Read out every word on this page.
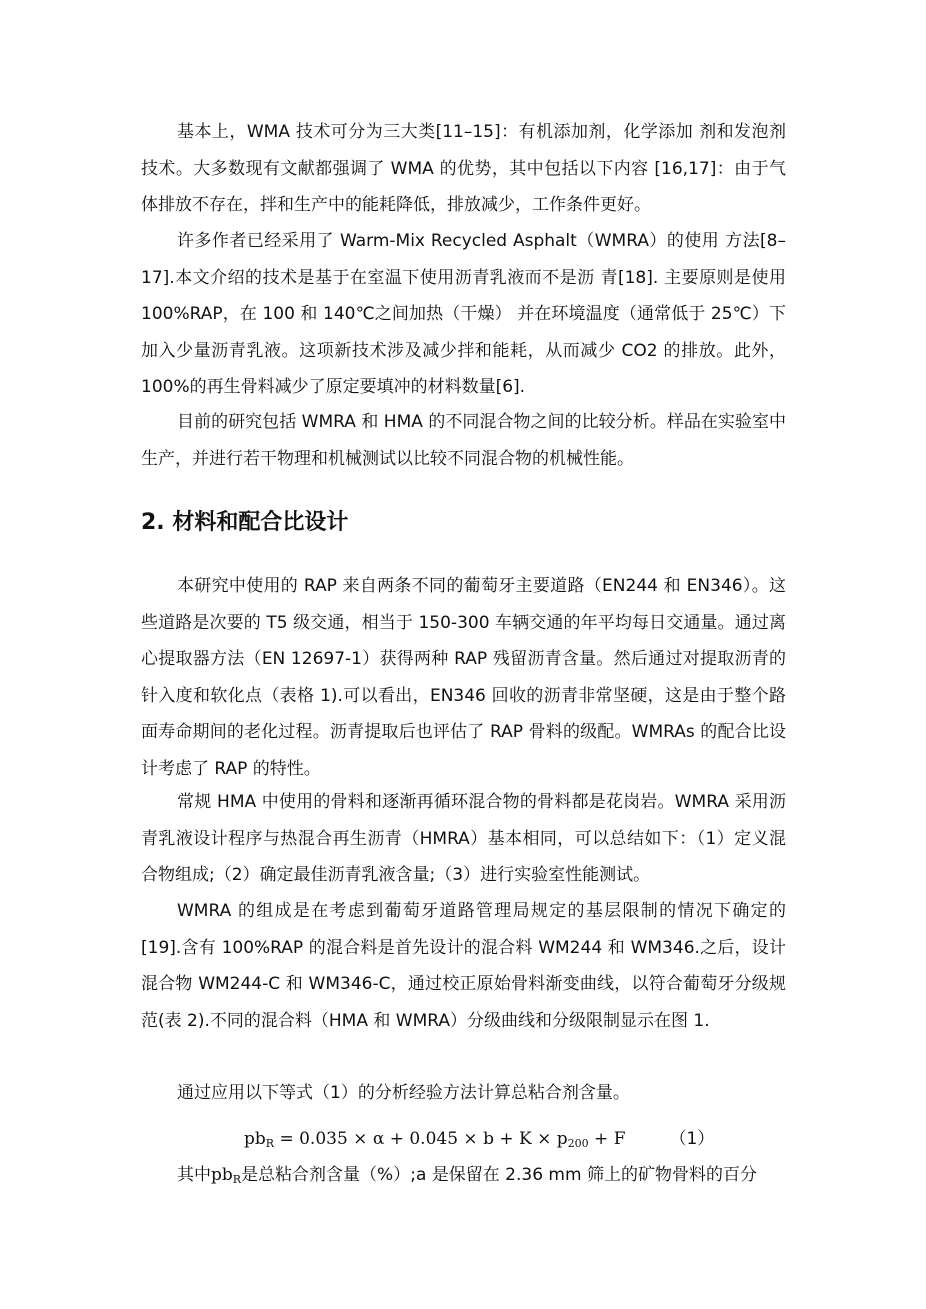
基本上，WMA 技术可分为三大类[11–15]：有机添加剂，化学添加 剂和发泡剂技术。大多数现有文献都强调了 WMA 的优势，其中包括以下内容 [16,17]：由于气体排放不存在，拌和生产中的能耗降低，排放减少，工作条件更好。

许多作者已经采用了 Warm-Mix Recycled Asphalt（WMRA）的使用 方法[8–17].本文介绍的技术是基于在室温下使用沥青乳液而不是沥 青[18]. 主要原则是使用 100%RAP，在 100 和 140℃之间加热（干燥） 并在环境温度（通常低于 25℃）下加入少量沥青乳液。这项新技术涉及减少拌和能耗，从而减少 CO2 的排放。此外，100%的再生骨料减少了原定要填冲的材料数量[6].

目前的研究包括 WMRA 和 HMA 的不同混合物之间的比较分析。样品在实验室中生产，并进行若干物理和机械测试以比较不同混合物的机械性能。

2. 材料和配合比设计

本研究中使用的 RAP 来自两条不同的葡萄牙主要道路（EN244 和 EN346）。这些道路是次要的 T5 级交通，相当于 150-300 车辆交通的年平均每日交通量。通过离心提取器方法（EN 12697-1）获得两种 RAP 残留沥青含量。然后通过对提取沥青的针入度和软化点（表格 1).可以看出，EN346 回收的沥青非常坚硬，这是由于整个路面寿命期间的老化过程。沥青提取后也评估了 RAP 骨料的级配。WMRAs 的配合比设计考虑了 RAP 的特性。

常规 HMA 中使用的骨料和逐渐再循环混合物的骨料都是花岗岩。WMRA 采用沥青乳液设计程序与热混合再生沥青（HMRA）基本相同，可以总结如下：（1）定义混合物组成;（2）确定最佳沥青乳液含量;（3）进行实验室性能测试。

WMRA 的组成是在考虑到葡萄牙道路管理局规定的基层限制的情况下确定的[19].含有 100%RAP 的混合料是首先设计的混合料 WM244 和 WM346.之后，设计混合物 WM244-C 和 WM346-C，通过校正原始骨料渐变曲线，以符合葡萄牙分级规范(表 2).不同的混合料（HMA 和 WMRA）分级曲线和分级限制显示在图 1.

通过应用以下等式（1）的分析经验方法计算总粘合剂含量。

$pb_R = 0.035 \times \alpha + 0.045 \times b + K \times p_{200} + F$	（1）

其中$pb_R$是总粘合剂含量（%）;a 是保留在 2.36 mm 筛上的矿物骨料的百分
